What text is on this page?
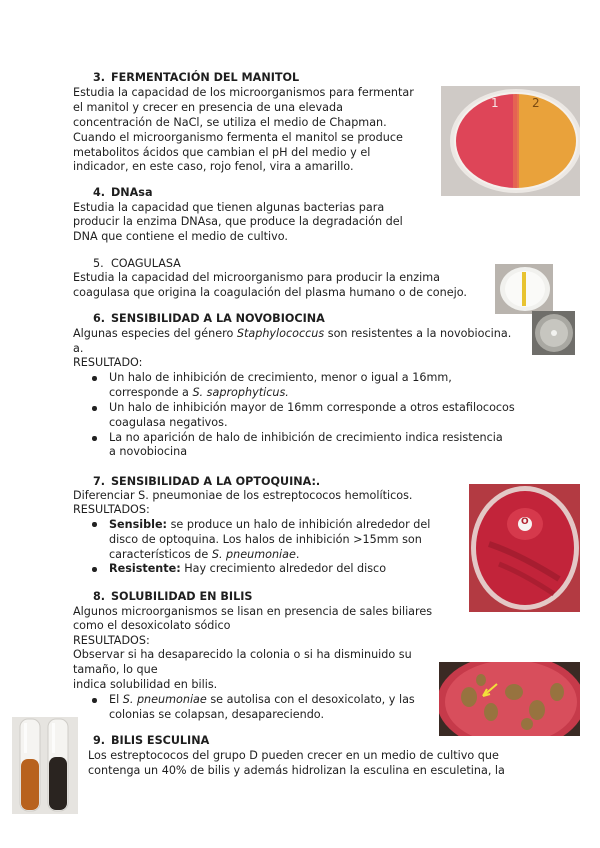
3. FERMENTACIÓN DEL MANITOL

Estudia la capacidad de los microorganismos para fermentar

el manitol y crecer en presencia de una elevada

concentración de NaCl, se utiliza el medio de Chapman.

Cuando el microorganismo fermenta el manitol se produce

metabolitos ácidos que cambian el pH del medio y el

indicador, en este caso, rojo fenol, vira a amarillo.

1	2
4. DNAsa

Estudia la capacidad que tienen algunas bacterias para

producir la enzima DNAsa, que produce la degradación del

DNA que contiene el medio de cultivo.

5. COAGULASA

Estudia la capacidad del microorganismo para producir la enzima

coagulasa que origina la coagulación del plasma humano o de conejo.

6. SENSIBILIDAD A LA NOVOBIOCINA

Algunas especies del género Staphylococcus son resistentes a la novobiocina.

a.

RESULTADO:

Un halo de inhibición de crecimiento, menor o igual a 16mm,

corresponde a S. saprophyticus.

Un halo de inhibición mayor de 16mm corresponde a otros estafilococos

coagulasa negativos.

La no aparición de halo de inhibición de crecimiento indica resistencia

a novobiocina

7. SENSIBILIDAD A LA OPTOQUINA:.

Diferenciar S. pneumoniae de los estreptococos hemolíticos.

RESULTADOS:

Sensible: se produce un halo de inhibición alrededor del

disco de optoquina. Los halos de inhibición >15mm son

característicos de S. pneumoniae.

Resistente: Hay crecimiento alrededor del disco

O
8. SOLUBILIDAD EN BILIS

Algunos microorganismos se lisan en presencia de sales biliares

como el desoxicolato sódico

RESULTADOS:

Observar si ha desaparecido la colonia o si ha disminuido su

tamaño, lo que

indica solubilidad en bilis.

El S. pneumoniae se autolisa con el desoxicolato, y las

colonias se colapsan, desapareciendo.

9. BILIS ESCULINA

Los estreptococos del grupo D pueden crecer en un medio de cultivo que

contenga un 40% de bilis y además hidrolizan la esculina en esculetina, la
